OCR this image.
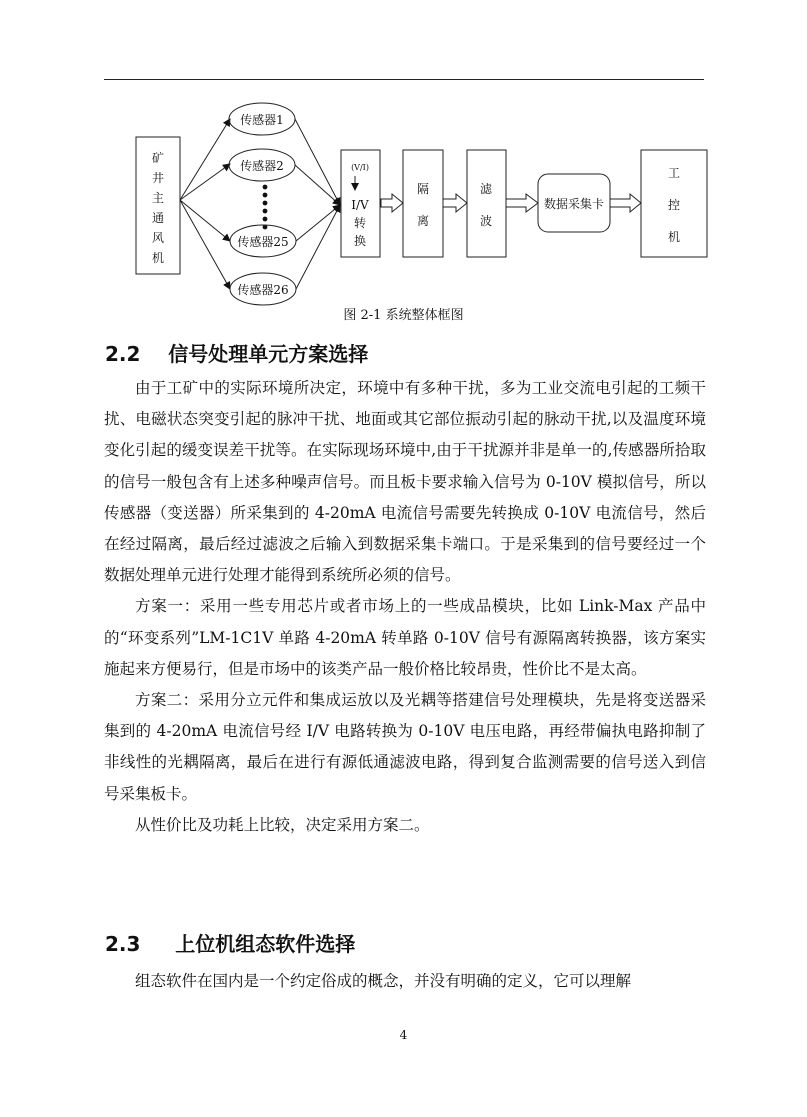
矿
井
主
通
风
机
传感器1
传感器2
传感器25
传感器26
(V/I)
I/V
转
换
隔
离
滤
波
数据采集卡
工
控
机
图 2-1 系统整体框图
2.2 信号处理单元方案选择

由于工矿中的实际环境所决定，环境中有多种干扰，多为工业交流电引起的工频干扰、电磁状态突变引起的脉冲干扰、地面或其它部位振动引起的脉动干扰,以及温度环境变化引起的缓变误差干扰等。在实际现场环境中,由于干扰源并非是单一的,传感器所拾取的信号一般包含有上述多种噪声信号。而且板卡要求输入信号为 0-10V 模拟信号，所以传感器（变送器）所采集到的 4-20mA 电流信号需要先转换成 0-10V 电流信号，然后在经过隔离，最后经过滤波之后输入到数据采集卡端口。于是采集到的信号要经过一个数据处理单元进行处理才能得到系统所必须的信号。

方案一：采用一些专用芯片或者市场上的一些成品模块，比如 Link-Max 产品中的“环变系列”LM-1C1V 单路 4-20mA 转单路 0-10V 信号有源隔离转换器，该方案实施起来方便易行，但是市场中的该类产品一般价格比较昂贵，性价比不是太高。

方案二：采用分立元件和集成运放以及光耦等搭建信号处理模块，先是将变送器采集到的 4-20mA 电流信号经 I/V 电路转换为 0-10V 电压电路，再经带偏执电路抑制了非线性的光耦隔离，最后在进行有源低通滤波电路，得到复合监测需要的信号送入到信号采集板卡。

从性价比及功耗上比较，决定采用方案二。

2.3 上位机组态软件选择

组态软件在国内是一个约定俗成的概念，并没有明确的定义，它可以理解

4
